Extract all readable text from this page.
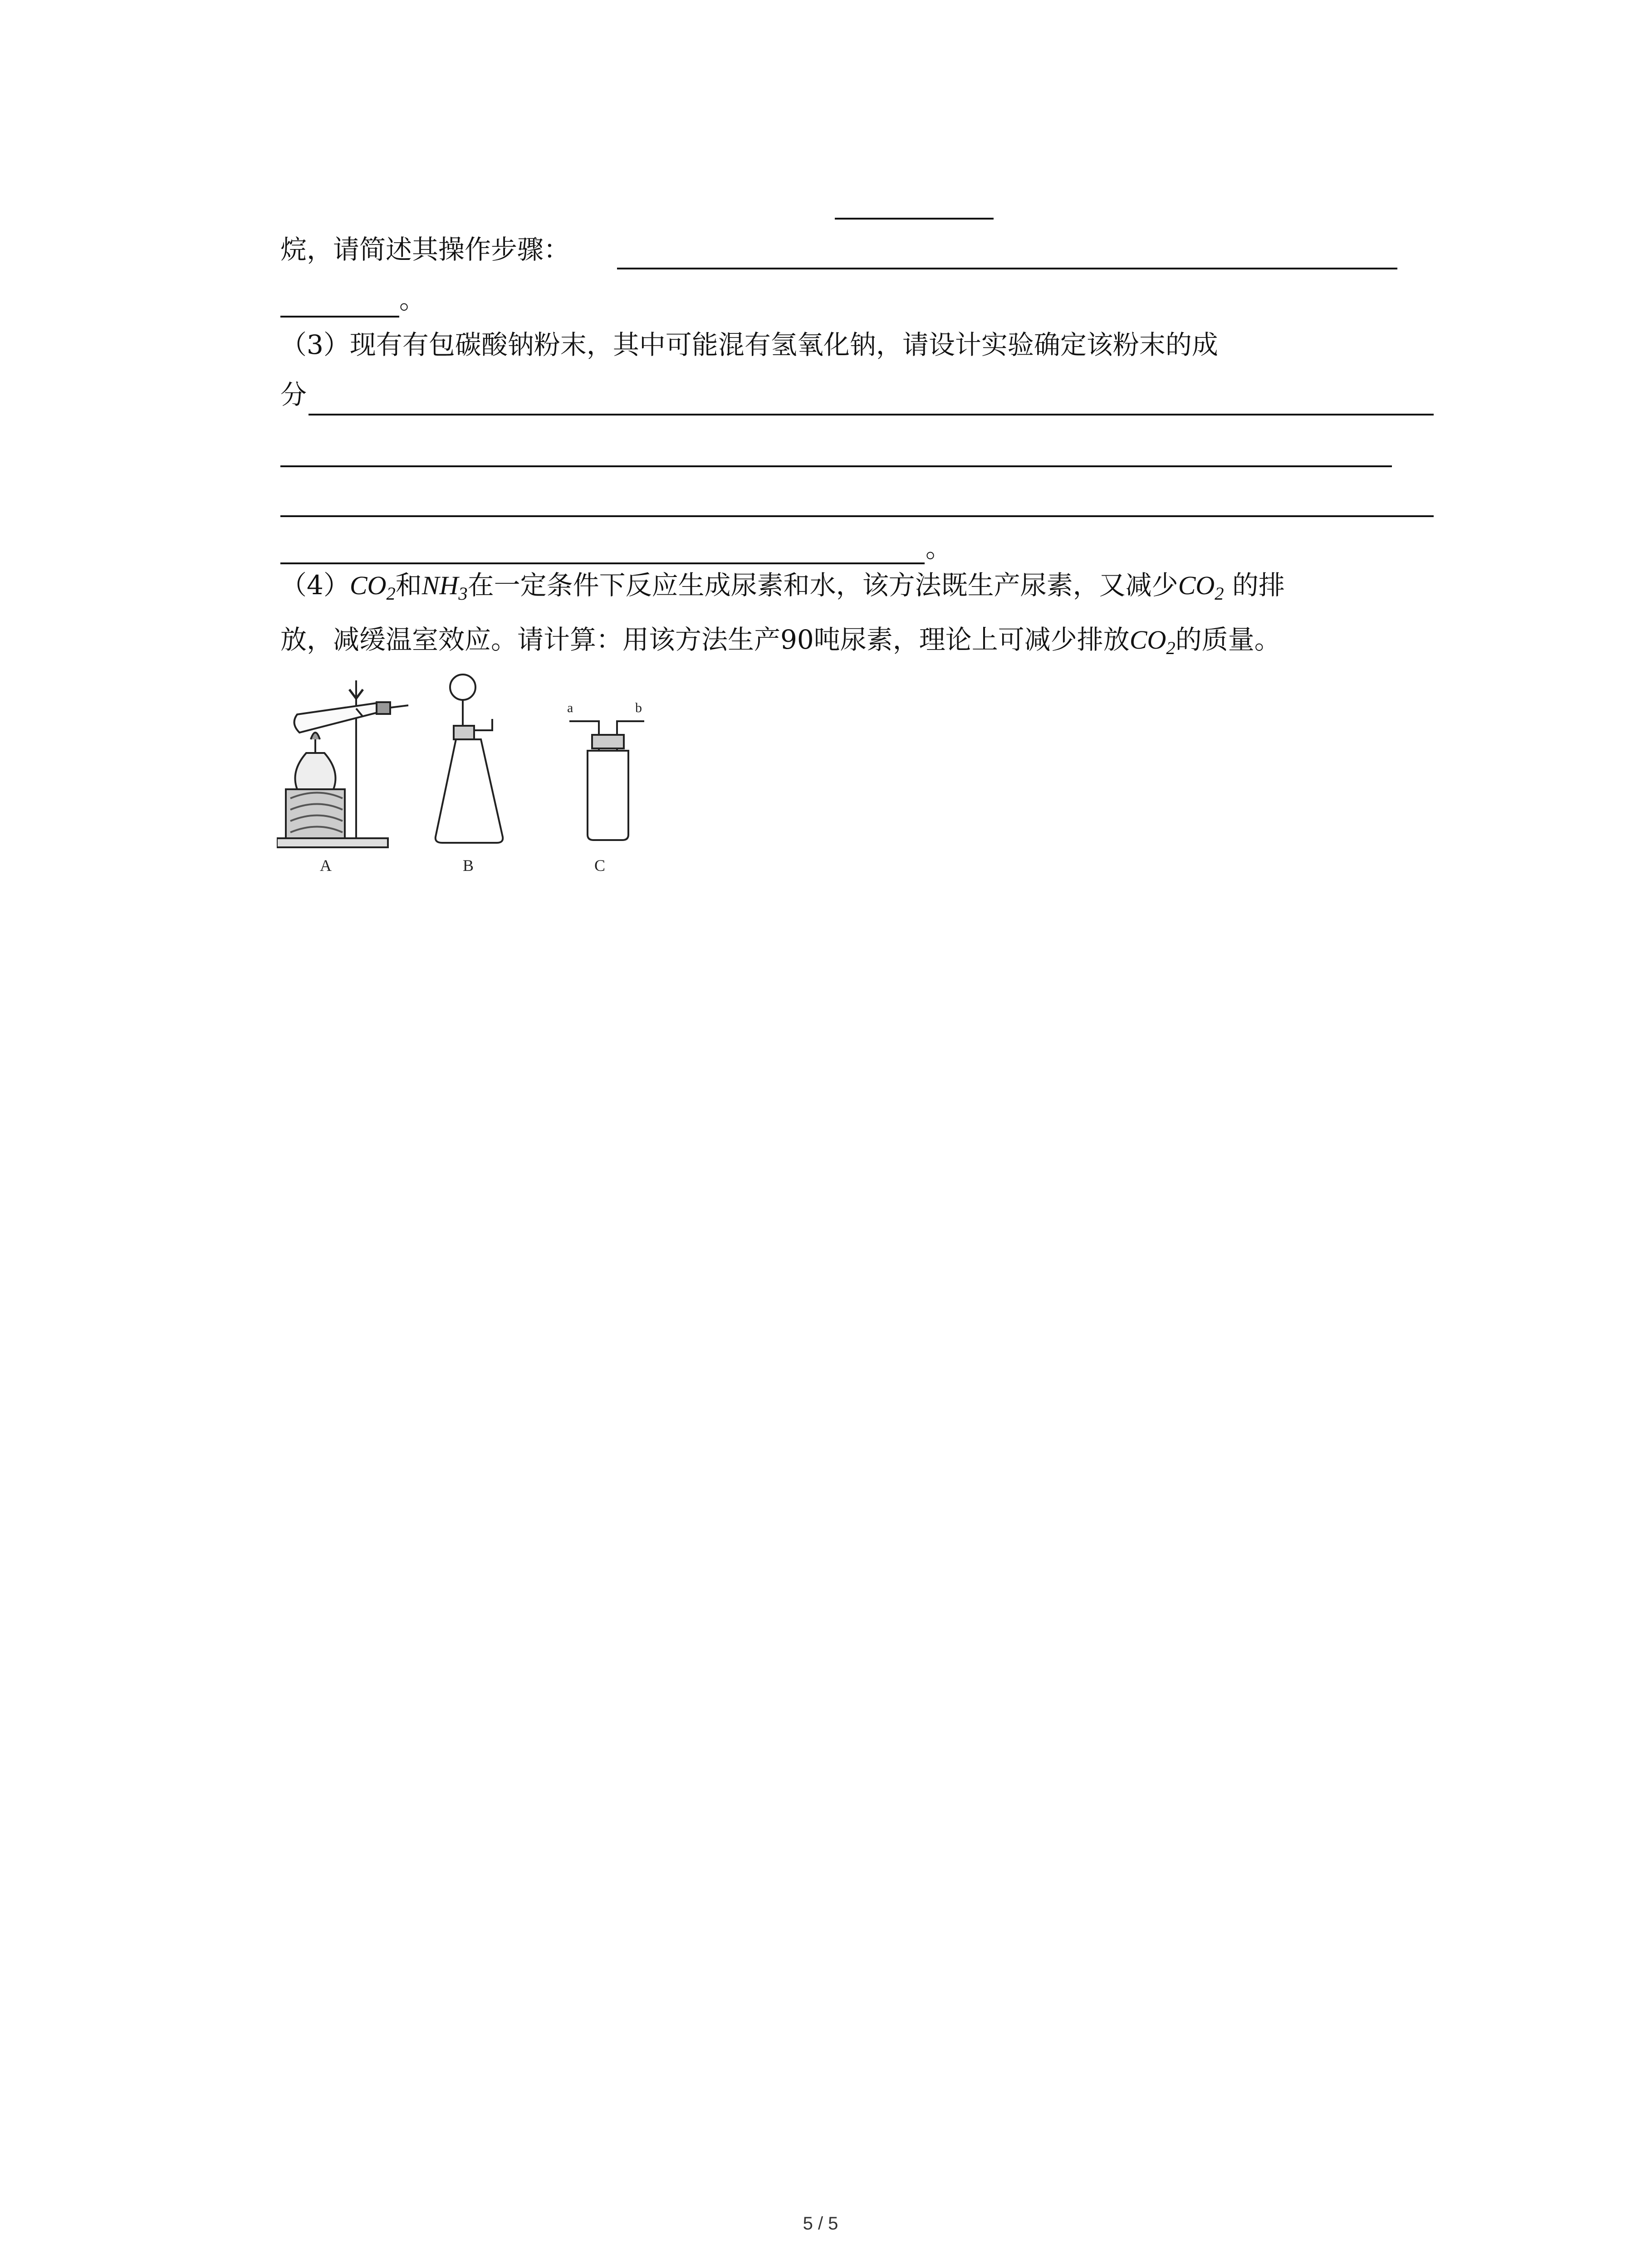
烷，请简述其操作步骤：
。
（3）现有有包碳酸钠粉末，其中可能混有氢氧化钠，请设计实验确定该粉末的成
分
。
$(4)CO_2$和$NH_3$在一定条件下反应生成尿素和水，该方法既生产尿素，又减少$CO_2$ 的排
放，减缓温室效应。请计算：用该方法生产90吨尿素，理论上可减少排放$CO_2$的质量。
A	B
a	b
C
5 / 5
